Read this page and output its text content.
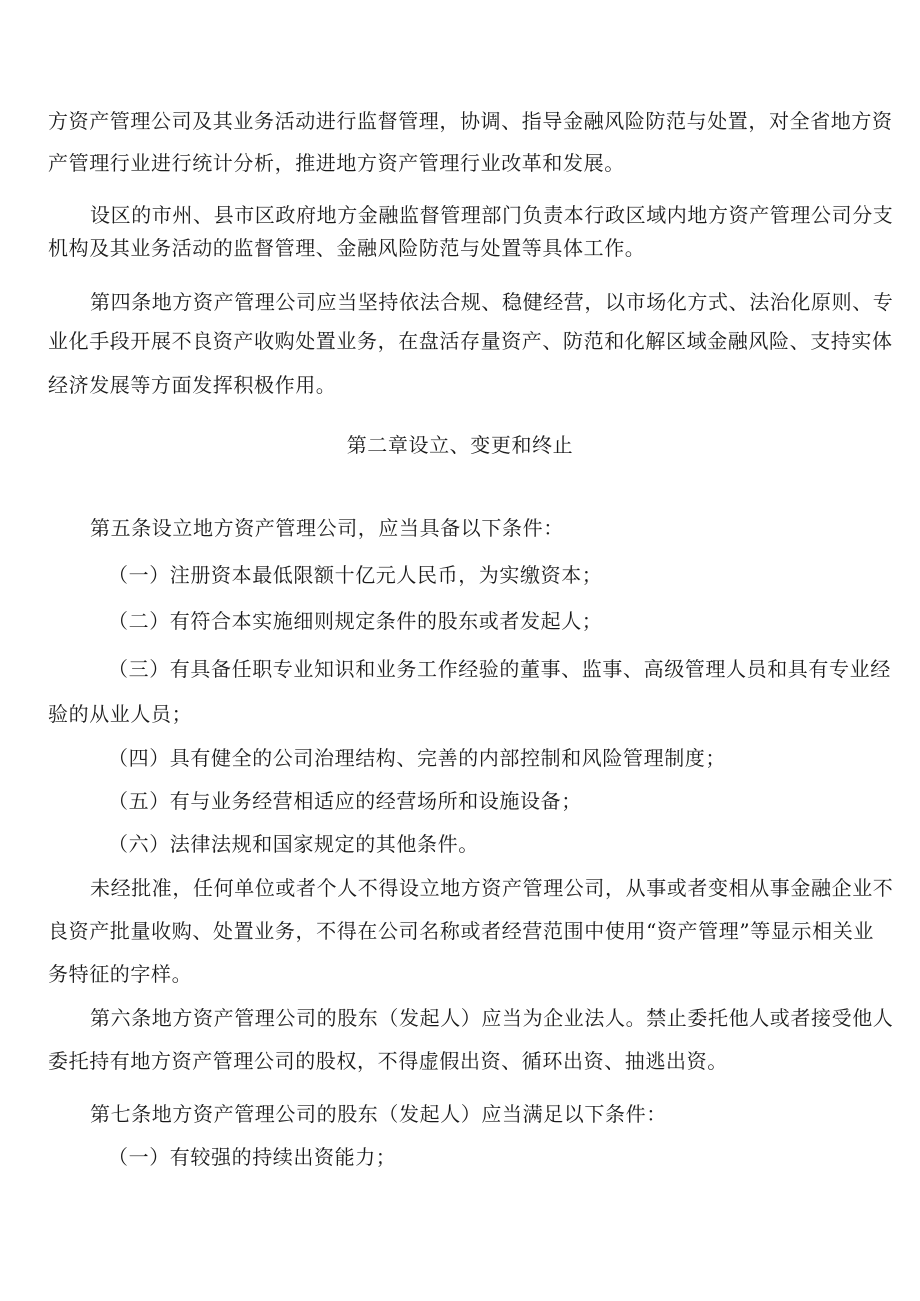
方资产管理公司及其业务活动进行监督管理，协调、指导金融风险防范与处置，对全省地方资
产管理行业进行统计分析，推进地方资产管理行业改革和发展。
设区的市州、县市区政府地方金融监督管理部门负责本行政区域内地方资产管理公司分支
机构及其业务活动的监督管理、金融风险防范与处置等具体工作。
第四条地方资产管理公司应当坚持依法合规、稳健经营，以市场化方式、法治化原则、专
业化手段开展不良资产收购处置业务，在盘活存量资产、防范和化解区域金融风险、支持实体
经济发展等方面发挥积极作用。
第二章设立、变更和终止
第五条设立地方资产管理公司，应当具备以下条件：
（一）注册资本最低限额十亿元人民币，为实缴资本；
（二）有符合本实施细则规定条件的股东或者发起人；
（三）有具备任职专业知识和业务工作经验的董事、监事、高级管理人员和具有专业经
验的从业人员；
（四）具有健全的公司治理结构、完善的内部控制和风险管理制度；
（五）有与业务经营相适应的经营场所和设施设备；
（六）法律法规和国家规定的其他条件。
未经批准，任何单位或者个人不得设立地方资产管理公司，从事或者变相从事金融企业不
良资产批量收购、处置业务，不得在公司名称或者经营范围中使用“资产管理”等显示相关业
务特征的字样。
第六条地方资产管理公司的股东（发起人）应当为企业法人。禁止委托他人或者接受他人
委托持有地方资产管理公司的股权，不得虚假出资、循环出资、抽逃出资。
第七条地方资产管理公司的股东（发起人）应当满足以下条件：
（一）有较强的持续出资能力；
